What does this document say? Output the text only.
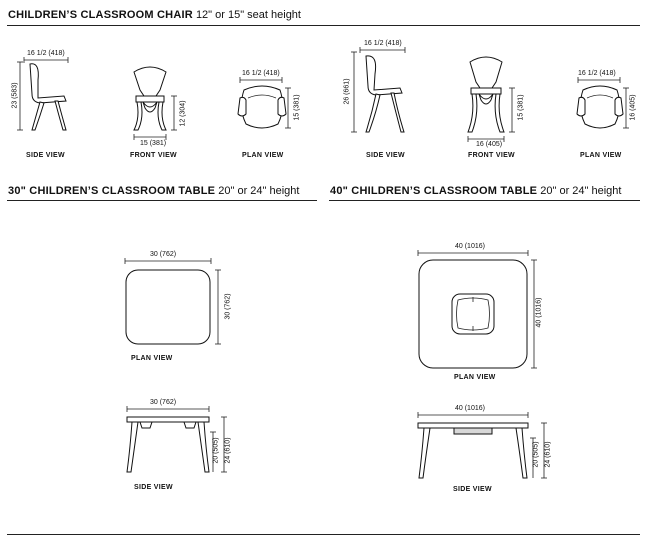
CHILDREN’S CLASSROOM CHAIR 12" or 15" seat height
30" CHILDREN’S CLASSROOM TABLE 20" or 24" height	40" CHILDREN’S CLASSROOM TABLE 20" or 24" height
16 1/2 (418)
23 (583)
SIDE VIEW
15 (381)
12 (304)
FRONT VIEW
16 1/2 (418)
15 (381)
PLAN VIEW
16 1/2 (418)
26 (661)
SIDE VIEW
16 (405)
15 (381)
FRONT VIEW
16 1/2 (418)
16 (405)
PLAN VIEW
30 (762)
30 (762)
PLAN VIEW
30 (762)
20 (505) 24 (610)
SIDE VIEW
40 (1016)
40 (1016)
PLAN VIEW
40 (1016)
20 (505) 24 (610)
SIDE VIEW
